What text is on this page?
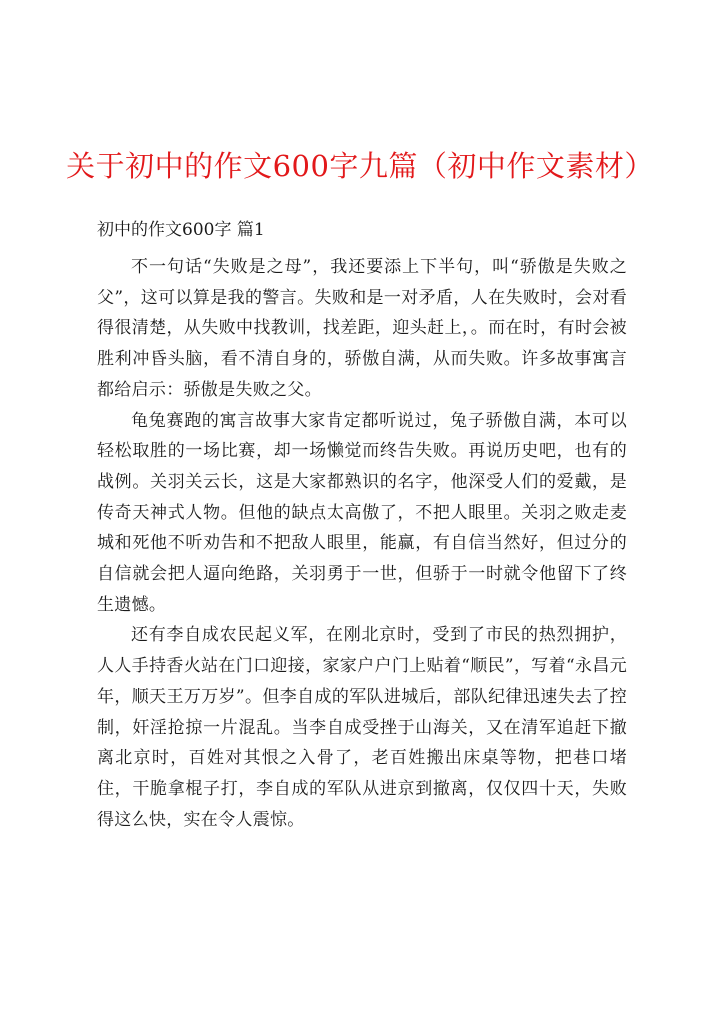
关于初中的作文600字九篇（初中作文素材）
初中的作文600字 篇1

不一句话“失败是之母”，我还要添上下半句，叫“骄傲是失败之父”，这可以算是我的警言。失败和是一对矛盾，人在失败时，会对看得很清楚，从失败中找教训，找差距，迎头赶上，。而在时，有时会被胜利冲昏头脑，看不清自身的，骄傲自满，从而失败。许多故事寓言都给启示：骄傲是失败之父。

龟兔赛跑的寓言故事大家肯定都听说过，兔子骄傲自满，本可以轻松取胜的一场比赛，却一场懒觉而终告失败。再说历史吧，也有的战例。关羽关云长，这是大家都熟识的名字，他深受人们的爱戴，是传奇天神式人物。但他的缺点太高傲了，不把人眼里。关羽之败走麦城和死他不听劝告和不把敌人眼里，能赢，有自信当然好，但过分的自信就会把人逼向绝路，关羽勇于一世，但骄于一时就令他留下了终生遗憾。

还有李自成农民起义军，在刚北京时，受到了市民的热烈拥护，人人手持香火站在门口迎接，家家户户门上贴着“顺民”，写着“永昌元年，顺天王万万岁”。但李自成的军队进城后，部队纪律迅速失去了控制，奸淫抢掠一片混乱。当李自成受挫于山海关，又在清军追赶下撤离北京时，百姓对其恨之入骨了，老百姓搬出床桌等物，把巷口堵住，干脆拿棍子打，李自成的军队从进京到撤离，仅仅四十天，失败得这么快，实在令人震惊。
